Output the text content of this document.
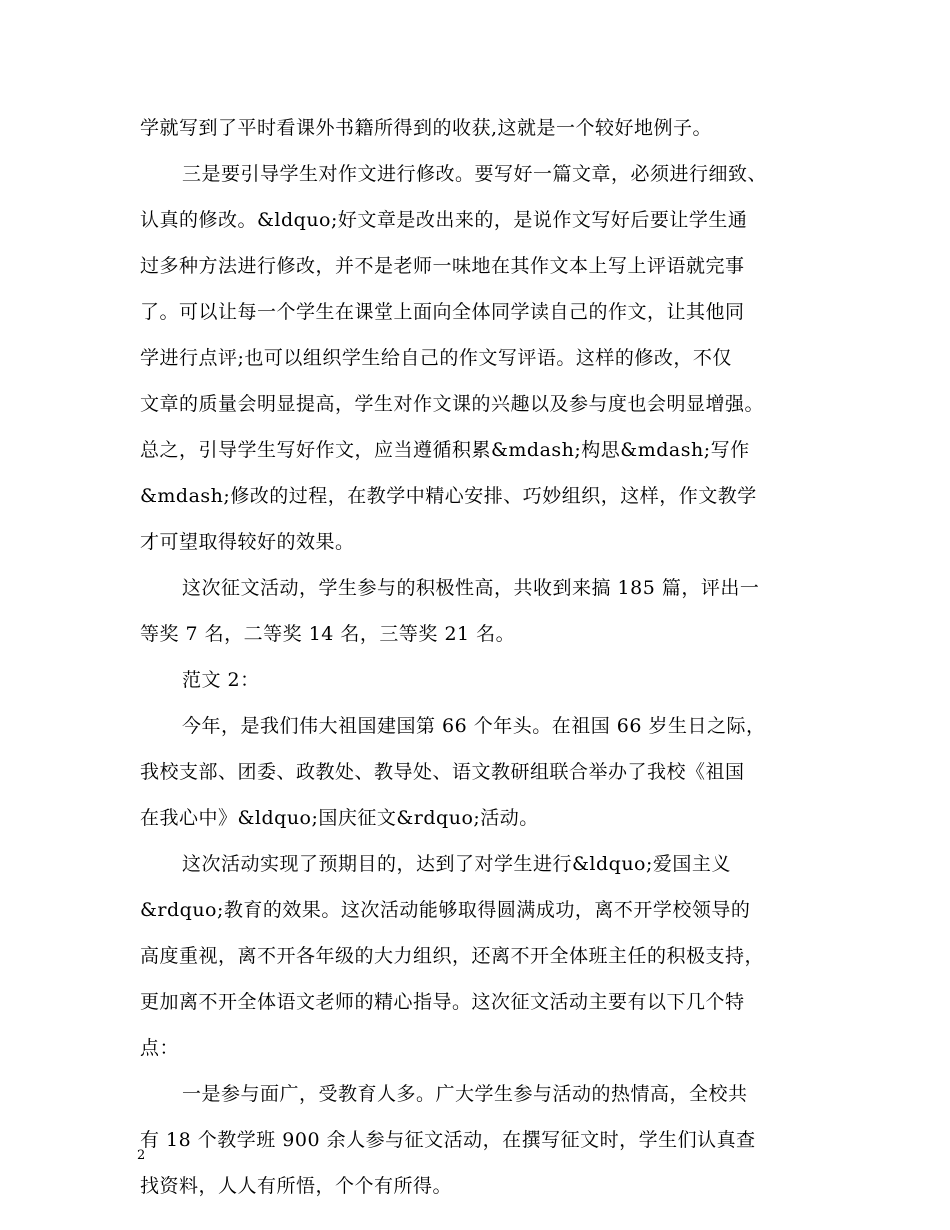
学就写到了平时看课外书籍所得到的收获,这就是一个较好地例子。
三是要引导学生对作文进行修改。要写好一篇文章，必须进行细致、
认真的修改。&ldquo;好文章是改出来的，是说作文写好后要让学生通
过多种方法进行修改，并不是老师一味地在其作文本上写上评语就完事
了。可以让每一个学生在课堂上面向全体同学读自己的作文，让其他同
学进行点评;也可以组织学生给自己的作文写评语。这样的修改，不仅
文章的质量会明显提高，学生对作文课的兴趣以及参与度也会明显增强。
总之，引导学生写好作文，应当遵循积累&mdash;构思&mdash;写作
&mdash;修改的过程，在教学中精心安排、巧妙组织，这样，作文教学
才可望取得较好的效果。
这次征文活动，学生参与的积极性高，共收到来搞 185 篇，评出一
等奖 7 名，二等奖 14 名，三等奖 21 名。
范文 2：
今年，是我们伟大祖国建国第 66 个年头。在祖国 66 岁生日之际，
我校支部、团委、政教处、教导处、语文教研组联合举办了我校《祖国
在我心中》&ldquo;国庆征文&rdquo;活动。
这次活动实现了预期目的，达到了对学生进行&ldquo;爱国主义
&rdquo;教育的效果。这次活动能够取得圆满成功，离不开学校领导的
高度重视，离不开各年级的大力组织，还离不开全体班主任的积极支持，
更加离不开全体语文老师的精心指导。这次征文活动主要有以下几个特
点：
一是参与面广，受教育人多。广大学生参与活动的热情高，全校共
有 18 个教学班 900 余人参与征文活动，在撰写征文时，学生们认真查
找资料，人人有所悟，个个有所得。
2
